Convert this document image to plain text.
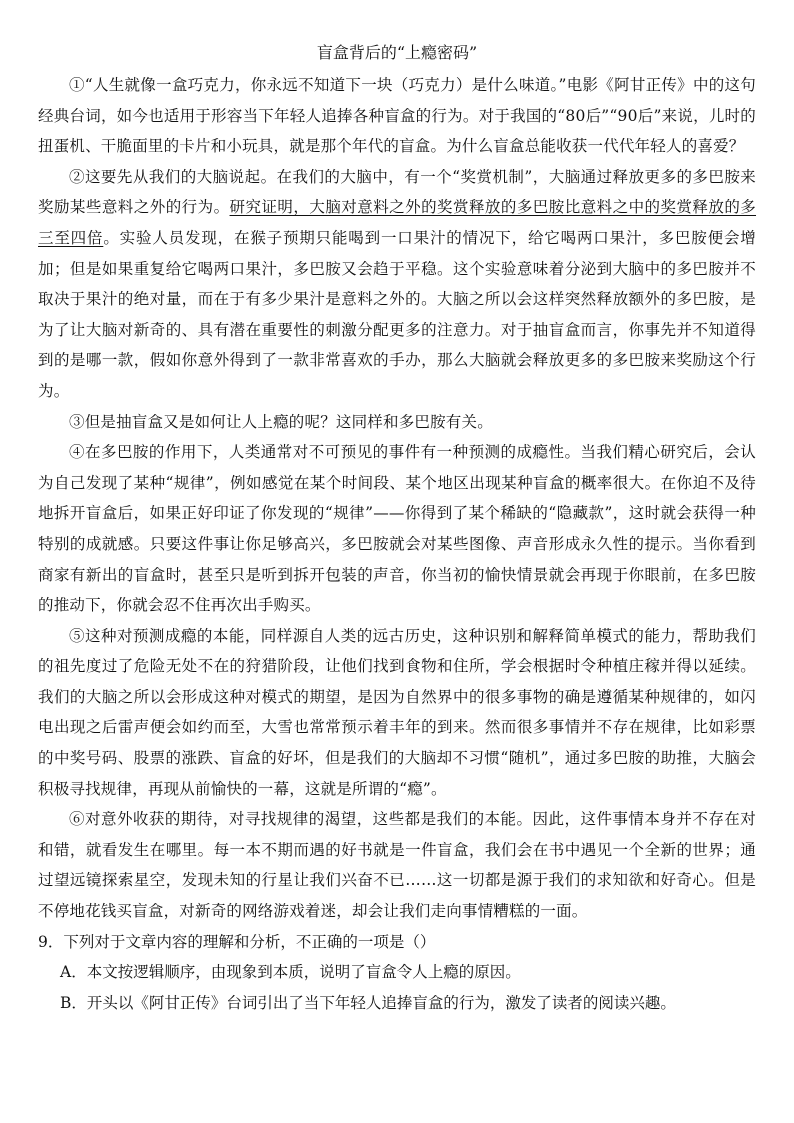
盲盒背后的“上瘾密码”

①“人生就像一盒巧克力，你永远不知道下一块（巧克力）是什么味道。”电影《阿甘正传》中的这句经典台词，如今也适用于形容当下年轻人追捧各种盲盒的行为。对于我国的“80后”“90后”来说，儿时的扭蛋机、干脆面里的卡片和小玩具，就是那个年代的盲盒。为什么盲盒总能收获一代代年轻人的喜爱？

②这要先从我们的大脑说起。在我们的大脑中，有一个“奖赏机制”，大脑通过释放更多的多巴胺来奖励某些意料之外的行为。研究证明，大脑对意料之外的奖赏释放的多巴胺比意料之中的奖赏释放的多三至四倍。实验人员发现，在猴子预期只能喝到一口果汁的情况下，给它喝两口果汁，多巴胺便会增加；但是如果重复给它喝两口果汁，多巴胺又会趋于平稳。这个实验意味着分泌到大脑中的多巴胺并不取决于果汁的绝对量，而在于有多少果汁是意料之外的。大脑之所以会这样突然释放额外的多巴胺，是为了让大脑对新奇的、具有潜在重要性的刺激分配更多的注意力。对于抽盲盒而言，你事先并不知道得到的是哪一款，假如你意外得到了一款非常喜欢的手办，那么大脑就会释放更多的多巴胺来奖励这个行为。

③但是抽盲盒又是如何让人上瘾的呢？这同样和多巴胺有关。

④在多巴胺的作用下，人类通常对不可预见的事件有一种预测的成瘾性。当我们精心研究后，会认为自己发现了某种“规律”，例如感觉在某个时间段、某个地区出现某种盲盒的概率很大。在你迫不及待地拆开盲盒后，如果正好印证了你发现的“规律”——你得到了某个稀缺的“隐藏款”，这时就会获得一种特别的成就感。只要这件事让你足够高兴，多巴胺就会对某些图像、声音形成永久性的提示。当你看到商家有新出的盲盒时，甚至只是听到拆开包装的声音，你当初的愉快情景就会再现于你眼前，在多巴胺的推动下，你就会忍不住再次出手购买。

⑤这种对预测成瘾的本能，同样源自人类的远古历史，这种识别和解释简单模式的能力，帮助我们的祖先度过了危险无处不在的狩猎阶段，让他们找到食物和住所，学会根据时令种植庄稼并得以延续。我们的大脑之所以会形成这种对模式的期望，是因为自然界中的很多事物的确是遵循某种规律的，如闪电出现之后雷声便会如约而至，大雪也常常预示着丰年的到来。然而很多事情并不存在规律，比如彩票的中奖号码、股票的涨跌、盲盒的好坏，但是我们的大脑却不习惯“随机”，通过多巴胺的助推，大脑会积极寻找规律，再现从前愉快的一幕，这就是所谓的“瘾”。

⑥对意外收获的期待，对寻找规律的渴望，这些都是我们的本能。因此，这件事情本身并不存在对和错，就看发生在哪里。每一本不期而遇的好书就是一件盲盒，我们会在书中遇见一个全新的世界；通过望远镜探索星空，发现未知的行星让我们兴奋不已……这一切都是源于我们的求知欲和好奇心。但是不停地花钱买盲盒，对新奇的网络游戏着迷，却会让我们走向事情糟糕的一面。

9．下列对于文章内容的理解和分析，不正确的一项是（）

A．本文按逻辑顺序，由现象到本质，说明了盲盒令人上瘾的原因。

B．开头以《阿甘正传》台词引出了当下年轻人追捧盲盒的行为，激发了读者的阅读兴趣。
